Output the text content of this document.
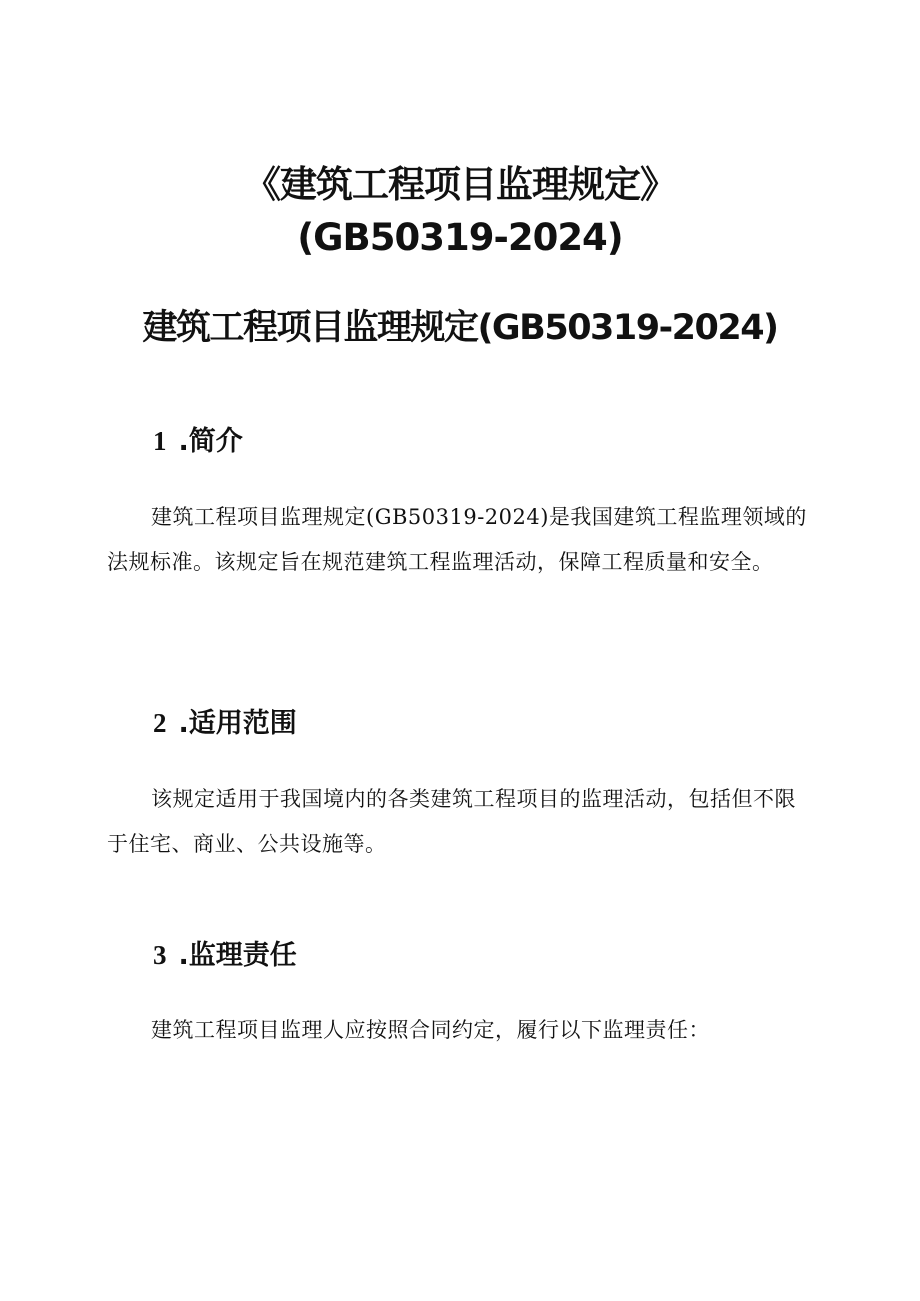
《建筑工程项目监理规定》(GB50319-2024)
建筑工程项目监理规定(GB50319-2024)
1 .简介

建筑工程项目监理规定(GB50319-2024)是我国建筑工程监理领域的法规标准。该规定旨在规范建筑工程监理活动，保障工程质量和安全。

2 .适用范围

该规定适用于我国境内的各类建筑工程项目的监理活动，包括但不限于住宅、商业、公共设施等。

3 .监理责任

建筑工程项目监理人应按照合同约定，履行以下监理责任：
